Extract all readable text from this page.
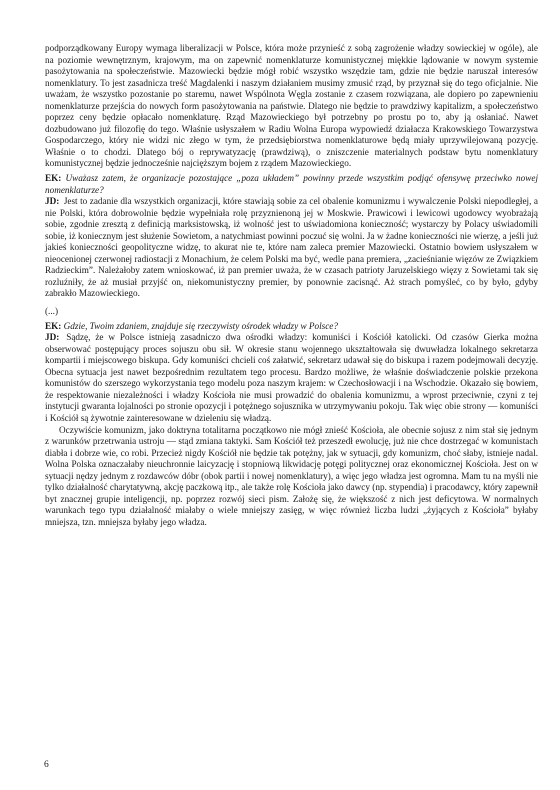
podporządkowany Europy wymaga liberalizacji w Polsce, która może przynieść z sobą zagrożenie władzy sowieckiej w ogóle), ale na poziomie wewnętrznym, krajowym, ma on zapewnić nomenklaturze komunistycznej miękkie lądowanie w nowym systemie pasożytowania na społeczeństwie. Mazowiecki będzie mógł robić wszystko wszędzie tam, gdzie nie będzie naruszał interesów nomenklatury. To jest zasadnicza treść Magdalenki i naszym działaniem musimy zmusić rząd, by przyznał się do tego oficjalnie. Nie uważam, że wszystko pozostanie po staremu, nawet Wspólnota Węgla zostanie z czasem rozwiązana, ale dopiero po zapewnieniu nomenklaturze przejścia do nowych form pasożytowania na państwie. Dlatego nie będzie to prawdziwy kapitalizm, a społeczeństwo poprzez ceny będzie opłacało nomenklaturę. Rząd Mazowieckiego był potrzebny po prostu po to, aby ją osłaniać. Nawet dozbudowano już filozofię do tego. Właśnie usłyszałem w Radiu Wolna Europa wypowiedź działacza Krakowskiego Towarzystwa Gospodarczego, który nie widzi nic złego w tym, że przedsiębiorstwa nomenklaturowe będą miały uprzywilejowaną pozycję. Właśnie o to chodzi. Dlatego bój o reprywatyzację (prawdziwą), o zniszczenie materialnych podstaw bytu nomenklatury komunistycznej będzie jednocześnie najcięższym bojem z rządem Mazowieckiego.

EK: Uważasz zatem, że organizacje pozostające „poza układem” powinny przede wszystkim podjąć ofensywę przeciwko nowej nomenklaturze?

JD: Jest to zadanie dla wszystkich organizacji, które stawiają sobie za cel obalenie komunizmu i wywalczenie Polski niepodległej, a nie Polski, która dobrowolnie będzie wypełniała rolę przyznienoną jej w Moskwie. Prawicowi i lewicowi ugodowcy wyobrażają sobie, zgodnie zresztą z definicją marksistowską, iż wolność jest to uświadomiona konieczność; wystarczy by Polacy uświadomili sobie, iż koniecznym jest służenie Sowietom, a natychmiast powinni poczuć się wolni. Ja w żadne konieczności nie wierzę, a jeśli już jakieś konieczności geopolityczne widzę, to akurat nie te, które nam zaleca premier Mazowiecki. Ostatnio bowiem usłyszałem w nieocenionej czerwonej radiostacji z Monachium, że celem Polski ma być, wedle pana premiera, „zacieśnianie więzów ze Związkiem Radzieckim”. Należałoby zatem wnioskować, iż pan premier uważa, że w czasach patrioty Jaruzelskiego więzy z Sowietami tak się rozluźniły, że aż musiał przyjść on, niekomunistyczny premier, by ponownie zacisnąć. Aż strach pomyśleć, co by było, gdyby zabrakło Mazowieckiego.

(...)

EK: Gdzie, Twoim zdaniem, znajduje się rzeczywisty ośrodek władzy w Polsce?

JD: Sądzę, że w Polsce istnieją zasadniczo dwa ośrodki władzy: komuniści i Kościół katolicki. Od czasów Gierka można obserwować postępujący proces sojuszu obu sił. W okresie stanu wojennego ukształtowała się dwuwładza lokalnego sekretarza kompartii i miejscowego biskupa. Gdy komuniści chcieli coś załatwić, sekretarz udawał się do biskupa i razem podejmowali decyzję. Obecna sytuacja jest nawet bezpośrednim rezultatem tego procesu. Bardzo możliwe, że właśnie doświadczenie polskie przekona komunistów do szerszego wykorzystania tego modelu poza naszym krajem: w Czechosłowacji i na Wschodzie. Okazało się bowiem, że respektowanie niezależności i władzy Kościoła nie musi prowadzić do obalenia komunizmu, a wprost przeciwnie, czyni z tej instytucji gwaranta lojalności po stronie opozycji i potężnego sojusznika w utrzymywaniu pokoju. Tak więc obie strony — komuniści i Kościół są żywotnie zainteresowane w dzieleniu się władzą.

Oczywiście komunizm, jako doktryna totalitarna początkowo nie mógł znieść Kościoła, ale obecnie sojusz z nim stał się jednym z warunków przetrwania ustroju — stąd zmiana taktyki. Sam Kościół też przeszedł ewolucję, już nie chce dostrzegać w komunistach diabła i dobrze wie, co robi. Przecież nigdy Kościół nie będzie tak potężny, jak w sytuacji, gdy komunizm, choć słaby, istnieje nadal. Wolna Polska oznaczałaby nieuchronnie laicyzację i stopniową likwidację potęgi politycznej oraz ekonomicznej Kościoła. Jest on w sytuacji nędzy jednym z rozdawców dóbr (obok partii i nowej nomenklatury), a więc jego władza jest ogromna. Mam tu na myśli nie tylko działalność charytatywną, akcję paczkową itp., ale także rolę Kościoła jako dawcy (np. stypendia) i pracodawcy, który zapewnił byt znacznej grupie inteligencji, np. poprzez rozwój sieci pism. Założę się, że większość z nich jest deficytowa. W normalnych warunkach tego typu działalność miałaby o wiele mniejszy zasięg, w więc również liczba ludzi „żyjących z Kościoła” byłaby mniejsza, tzn. mniejsza byłaby jego władza.

6
